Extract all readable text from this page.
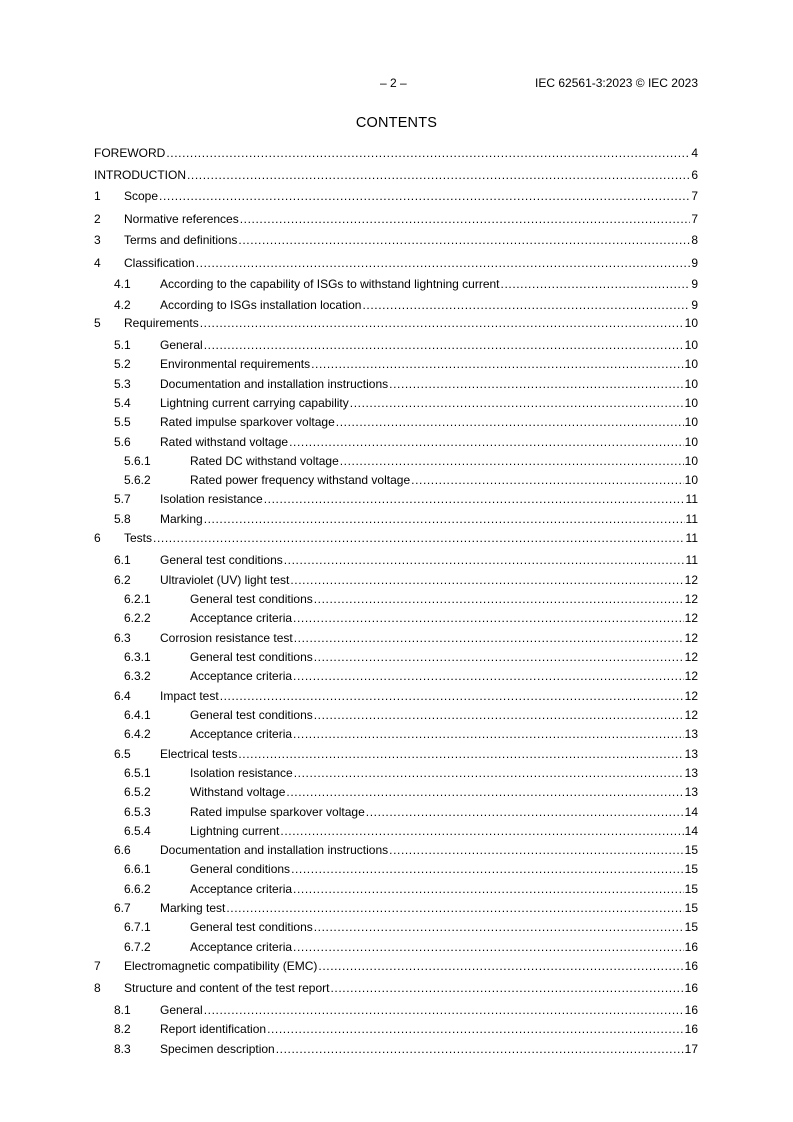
– 2 –	IEC 62561-3:2023 © IEC 2023
CONTENTS
FOREWORD .....	4
INTRODUCTION .....	6
1	Scope .....	7
2	Normative references .....	7
3	Terms and definitions .....	8
4	Classification .....	9
4.1	According to the capability of ISGs to withstand lightning current .....	9
4.2	According to ISGs installation location .....	9
5	Requirements .....	10
5.1	General .....	10
5.2	Environmental requirements .....	10
5.3	Documentation and installation instructions .....	10
5.4	Lightning current carrying capability .....	10
5.5	Rated impulse sparkover voltage .....	10
5.6	Rated withstand voltage .....	10
5.6.1	Rated DC withstand voltage .....	10
5.6.2	Rated power frequency withstand voltage .....	10
5.7	Isolation resistance .....	11
5.8	Marking .....	11
6	Tests .....	11
6.1	General test conditions .....	11
6.2	Ultraviolet (UV) light test .....	12
6.2.1	General test conditions .....	12
6.2.2	Acceptance criteria .....	12
6.3	Corrosion resistance test .....	12
6.3.1	General test conditions .....	12
6.3.2	Acceptance criteria .....	12
6.4	Impact test .....	12
6.4.1	General test conditions .....	12
6.4.2	Acceptance criteria .....	13
6.5	Electrical tests .....	13
6.5.1	Isolation resistance .....	13
6.5.2	Withstand voltage .....	13
6.5.3	Rated impulse sparkover voltage .....	14
6.5.4	Lightning current .....	14
6.6	Documentation and installation instructions .....	15
6.6.1	General conditions .....	15
6.6.2	Acceptance criteria .....	15
6.7	Marking test .....	15
6.7.1	General test conditions .....	15
6.7.2	Acceptance criteria .....	16
7	Electromagnetic compatibility (EMC) .....	16
8	Structure and content of the test report .....	16
8.1	General .....	16
8.2	Report identification .....	16
8.3	Specimen description .....	17
